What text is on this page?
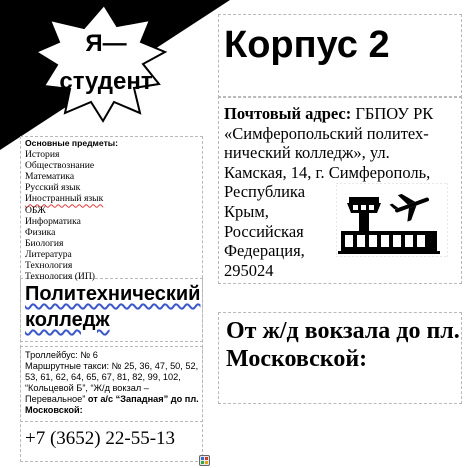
Я—
студент
Корпус 2
Почтовый адрес: ГБПОУ РК
«Симферопольский политех-
нический колледж», ул.
Камская, 14, г. Симферополь,
Республика
Крым,
Российская
Федерация,
295024
Основные предметы:
История
Обществознание
Математика
Русский язык
Иностранный язык
ОБЖ
Информатика
Физика
Биология
Литература
Технология
Технология (ИП)
Политехнический
колледж
Троллейбус: № 6
Маршрутные такси: № 25, 36, 47, 50, 52, 53, 61, 62, 64, 65, 67, 81, 82, 99, 102, “Кольцевой Б”, “Ж/д вокзал – Перевальное” от а/с “Западная” до пл. Московской:
+7 (3652) 22-55-13
От ж/д вокзала до пл. Московской:
